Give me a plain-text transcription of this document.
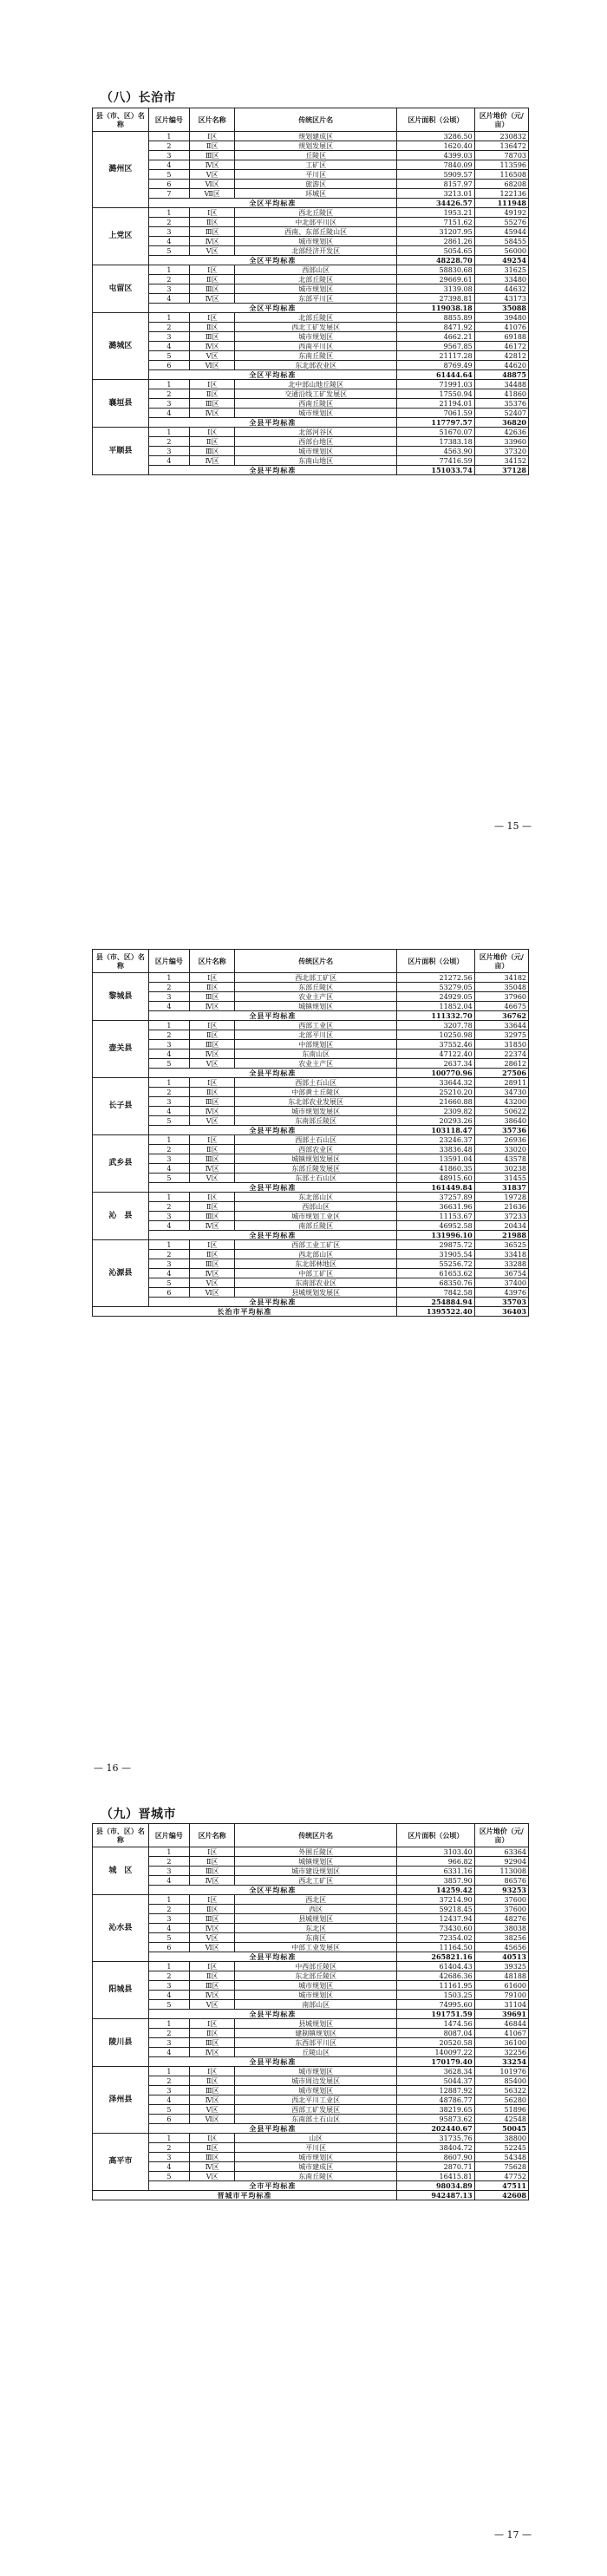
（八）长治市
县（市、区）名称	区片编号	区片名称	传统区片名	区片面积（公顷）	区片地价（元/亩）
潞州区	1	Ⅰ区	规划建成区	3286.50	230832
	2	Ⅱ区	规划发展区	1620.40	136472
	3	Ⅲ区	丘陵区	4399.03	78703
	4	Ⅳ区	工矿区	7840.09	113596
	5	Ⅴ区	平川区	5909.57	116508
	6	Ⅵ区	旅游区	8157.97	68208
	7	Ⅶ区	环城区	3213.01	122136
	全区平均标准			34426.57	111948
上党区	1	Ⅰ区	西北丘陵区	1953.21	49192
	2	Ⅱ区	中北部平川区	7151.62	55276
	3	Ⅲ区	西南、东部丘陵山区	31207.95	45944
	4	Ⅳ区	城市规划区	2861.26	58455
	5	Ⅴ区	北部经济开发区	5054.65	56000
	全区平均标准			48228.70	49254
屯留区	1	Ⅰ区	西部山区	58830.68	31625
	2	Ⅱ区	北部丘陵区	29669.61	33480
	3	Ⅲ区	城市规划区	3139.08	44632
	4	Ⅳ区	东部平川区	27398.81	43173
	全区平均标准			119038.18	35088
潞城区	1	Ⅰ区	北部丘陵区	8855.89	39480
	2	Ⅱ区	西北工矿发展区	8471.92	41076
	3	Ⅲ区	城市规划区	4662.21	69188
	4	Ⅳ区	西南平川区	9567.85	46172
	5	Ⅴ区	东南丘陵区	21117.28	42812
	6	Ⅵ区	东北部农业区	8769.49	44620
	全区平均标准			61444.64	48875
襄垣县	1	Ⅰ区	北中部山地丘陵区	71991.03	34488
	2	Ⅱ区	交通沿线工矿发展区	17550.94	41860
	3	Ⅲ区	西南丘陵区	21194.01	35376
	4	Ⅳ区	城市规划区	7061.59	52407
	全县平均标准			117797.57	36820
平顺县	1	Ⅰ区	北部河谷区	51670.07	42636
	2	Ⅱ区	西部台地区	17383.18	33960
	3	Ⅲ区	城市规划区	4563.90	37320
	4	Ⅳ区	东南山地区	77416.59	34152
	全县平均标准			151033.74	37128
— 15 —
县（市、区）名称	区片编号	区片名称	传统区片名	区片面积（公顷）	区片地价（元/亩）
黎城县	1	Ⅰ区	西北部工矿区	21272.56	34182
	2	Ⅱ区	东部丘陵区	53279.05	35048
	3	Ⅲ区	农业主产区	24929.05	37960
	4	Ⅳ区	城镇规划区	11852.04	46675
	全县平均标准			111332.70	36762
壶关县	1	Ⅰ区	西部工业区	3207.78	33644
	2	Ⅱ区	北部平川区	10250.98	32975
	3	Ⅲ区	中部规划区	37552.46	31850
	4	Ⅳ区	东南山区	47122.40	22374
	5	Ⅴ区	农业主产区	2637.34	28612
	全县平均标准			100770.96	27506
长子县	1	Ⅰ区	西部土石山区	33644.32	28911
	2	Ⅱ区	中部黄土丘陵区	25210.20	34730
	3	Ⅲ区	东北部农业发展区	21660.88	43200
	4	Ⅳ区	城市规划发展区	2309.82	50622
	5	Ⅴ区	东南部丘陵区	20293.26	38640
	全县平均标准			103118.47	35736
武乡县	1	Ⅰ区	西部土石山区	23246.37	26936
	2	Ⅱ区	西部农业区	33836.48	33020
	3	Ⅲ区	城镇规划发展区	13591.04	43578
	4	Ⅳ区	东部丘陵发展区	41860.35	30238
	5	Ⅴ区	东部土石山区	48915.60	31455
	全县平均标准			161449.84	31837
沁　县	1	Ⅰ区	东北部山区	37257.89	19728
	2	Ⅱ区	西部山区	36631.96	21636
	3	Ⅲ区	城市规划工业区	11153.67	37233
	4	Ⅳ区	南部丘陵区	46952.58	20434
	全县平均标准			131996.10	21988
沁源县	1	Ⅰ区	西部工业工矿区	29875.72	36525
	2	Ⅱ区	西北部山区	31905.54	33418
	3	Ⅲ区	东北部林地区	55256.72	33288
	4	Ⅳ区	中部工矿区	61653.62	36754
	5	Ⅴ区	东南部农业区	68350.76	37400
	6	Ⅵ区	县城规划发展区	7842.58	43976
	全县平均标准			254884.94	35703
长治市平均标准				1395522.40	36403
— 16 —
（九）晋城市
县（市、区）名称	区片编号	区片名称	传统区片名	区片面积（公顷）	区片地价（元/亩）
城　区	1	Ⅰ区	外围丘陵区	3103.40	63364
	2	Ⅱ区	城镇规划区	966.82	92904
	3	Ⅲ区	城市建设规划区	6331.16	113008
	4	Ⅳ区	西北工矿区	3857.90	86576
	全区平均标准			14259.42	93253
沁水县	1	Ⅰ区	西北区	37214.90	37600
	2	Ⅱ区	西区	59218.45	37600
	3	Ⅲ区	县城规划区	12437.94	48276
	4	Ⅳ区	东北区	73430.60	38038
	5	Ⅴ区	东南区	72354.02	38256
	6	Ⅵ区	中部工业发展区	11164.50	45656
	全县平均标准			265821.16	40513
阳城县	1	Ⅰ区	中西部丘陵区	61404.43	39325
	2	Ⅱ区	东北部丘陵区	42686.36	48188
	3	Ⅲ区	城市规划区	11161.95	61600
	4	Ⅳ区	城市规划区	1503.25	79100
	5	Ⅴ区	南部山区	74995.60	31104
	全县平均标准			191751.59	39691
陵川县	1	Ⅰ区	县城规划区	1474.56	46844
	2	Ⅱ区	建制镇规划区	8087.04	41067
	3	Ⅲ区	东西部平川区	20520.58	36100
	4	Ⅳ区	丘陵山区	140097.22	32256
	全县平均标准			170179.40	33254
泽州县	1	Ⅰ区	城市规划区	3628.34	101976
	2	Ⅱ区	城市周边发展区	5044.37	85400
	3	Ⅲ区	城市规划区	12887.92	56322
	4	Ⅳ区	西北平川工业区	48786.77	56280
	5	Ⅴ区	西部工矿发展区	38219.65	51896
	6	Ⅵ区	东南部土石山区	95873.62	42548
	全县平均标准			202440.67	50045
高平市	1	Ⅰ区	山区	31735.76	38800
	2	Ⅱ区	平川区	38404.72	52245
	3	Ⅲ区	城市规划区	8607.90	54348
	4	Ⅳ区	城市建成区	2870.71	75628
	5	Ⅴ区	东南丘陵区	16415.81	47752
	全市平均标准			98034.89	47511
晋城市平均标准				942487.13	42608
— 17 —
